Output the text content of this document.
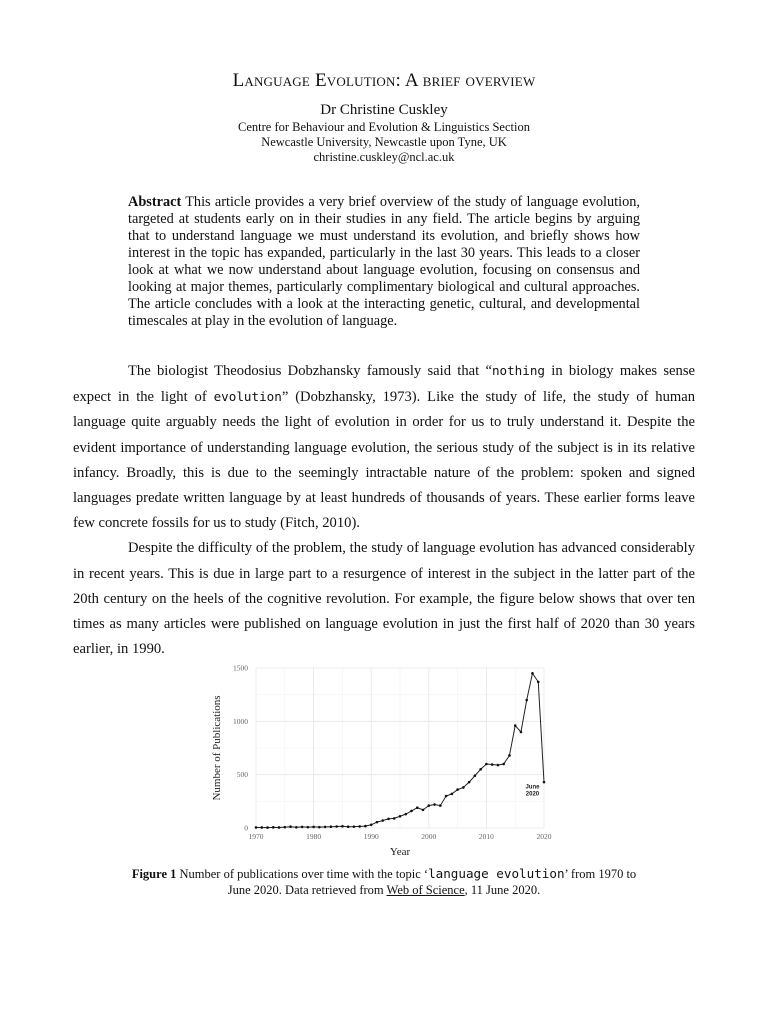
Language Evolution: A brief overview
Dr Christine Cuskley
Centre for Behaviour and Evolution & Linguistics Section
Newcastle University, Newcastle upon Tyne, UK
christine.cuskley@ncl.ac.uk
Abstract This article provides a very brief overview of the study of language evolution, targeted at students early on in their studies in any field. The article begins by arguing that to understand language we must understand its evolution, and briefly shows how interest in the topic has expanded, particularly in the last 30 years. This leads to a closer look at what we now understand about language evolution, focusing on consensus and looking at major themes, particularly complimentary biological and cultural approaches. The article concludes with a look at the interacting genetic, cultural, and developmental timescales at play in the evolution of language.

The biologist Theodosius Dobzhansky famously said that “nothing in biology makes sense expect in the light of evolution” (Dobzhansky, 1973). Like the study of life, the study of human language quite arguably needs the light of evolution in order for us to truly understand it. Despite the evident importance of understanding language evolution, the serious study of the subject is in its relative infancy. Broadly, this is due to the seemingly intractable nature of the problem: spoken and signed languages predate written language by at least hundreds of thousands of years. These earlier forms leave few concrete fossils for us to study (Fitch, 2010).

Despite the difficulty of the problem, the study of language evolution has advanced considerably in recent years. This is due in large part to a resurgence of interest in the subject in the latter part of the 20th century on the heels of the cognitive revolution. For example, the figure below shows that over ten times as many articles were published on language evolution in just the first half of 2020 than 30 years earlier, in 1990.

1970	1980	1990	2000	2010	2020
0
500
1000
1500
Number of Publications
Year
June
2020
Figure 1 Number of publications over time with the topic ‘language evolution’ from 1970 to June 2020. Data retrieved from Web of Science, 11 June 2020.
